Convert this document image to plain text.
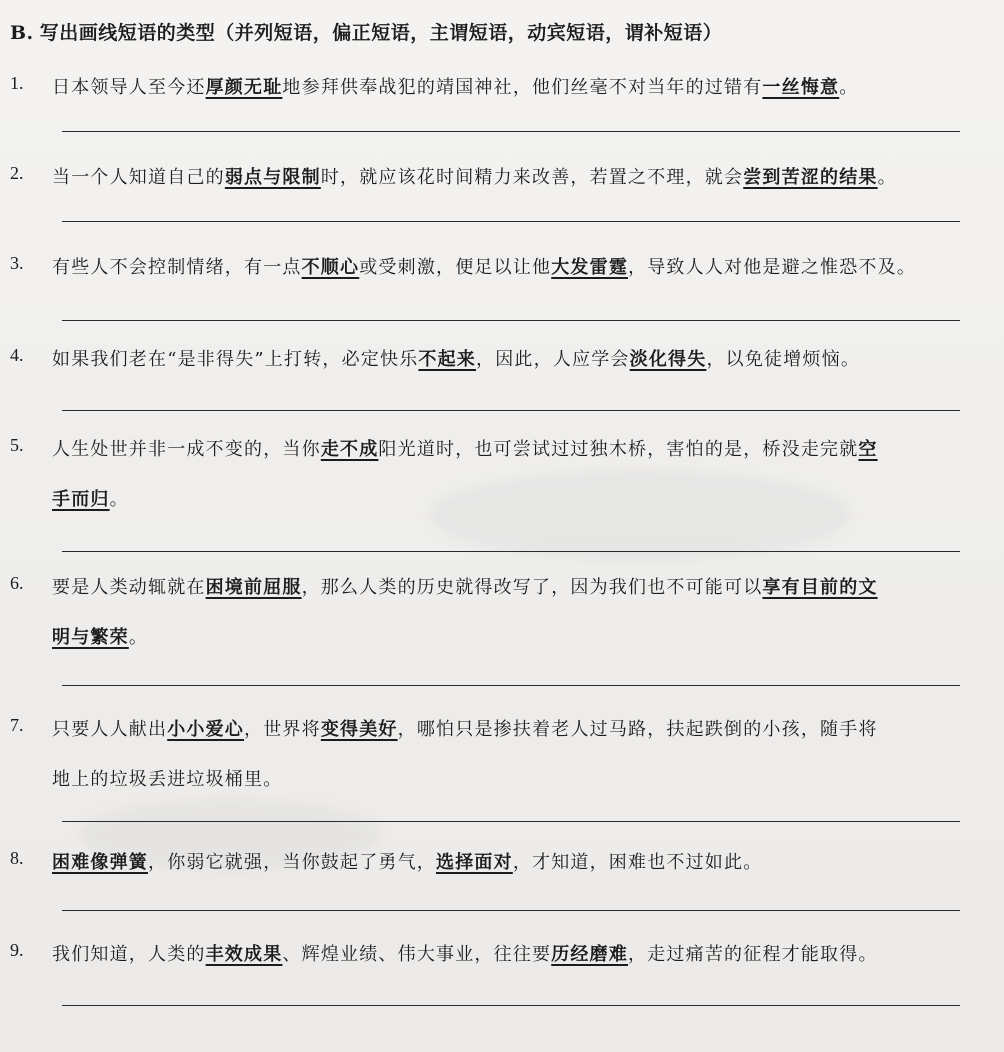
B. 写出画线短语的类型（并列短语，偏正短语，主谓短语，动宾短语，谓补短语）
1.	日本领导人至今还厚颜无耻地参拜供奉战犯的靖国神社，他们丝毫不对当年的过错有一丝悔意。
2.	当一个人知道自己的弱点与限制时，就应该花时间精力来改善，若置之不理，就会尝到苦涩的结果。
3.	有些人不会控制情绪，有一点不顺心或受刺激，便足以让他大发雷霆，导致人人对他是避之惟恐不及。
4.	如果我们老在“是非得失”上打转，必定快乐不起来，因此，人应学会淡化得失，以免徒增烦恼。
5.	人生处世并非一成不变的，当你走不成阳光道时，也可尝试过过独木桥，害怕的是，桥没走完就空
手而归。
6.	要是人类动辄就在困境前屈服，那么人类的历史就得改写了，因为我们也不可能可以享有目前的文
明与繁荣。
7.	只要人人献出小小爱心，世界将变得美好，哪怕只是掺扶着老人过马路，扶起跌倒的小孩，随手将
地上的垃圾丢进垃圾桶里。
8.	困难像弹簧，你弱它就强，当你鼓起了勇气，选择面对，才知道，困难也不过如此。
9.	我们知道，人类的丰效成果、辉煌业绩、伟大事业，往往要历经磨难，走过痛苦的征程才能取得。
